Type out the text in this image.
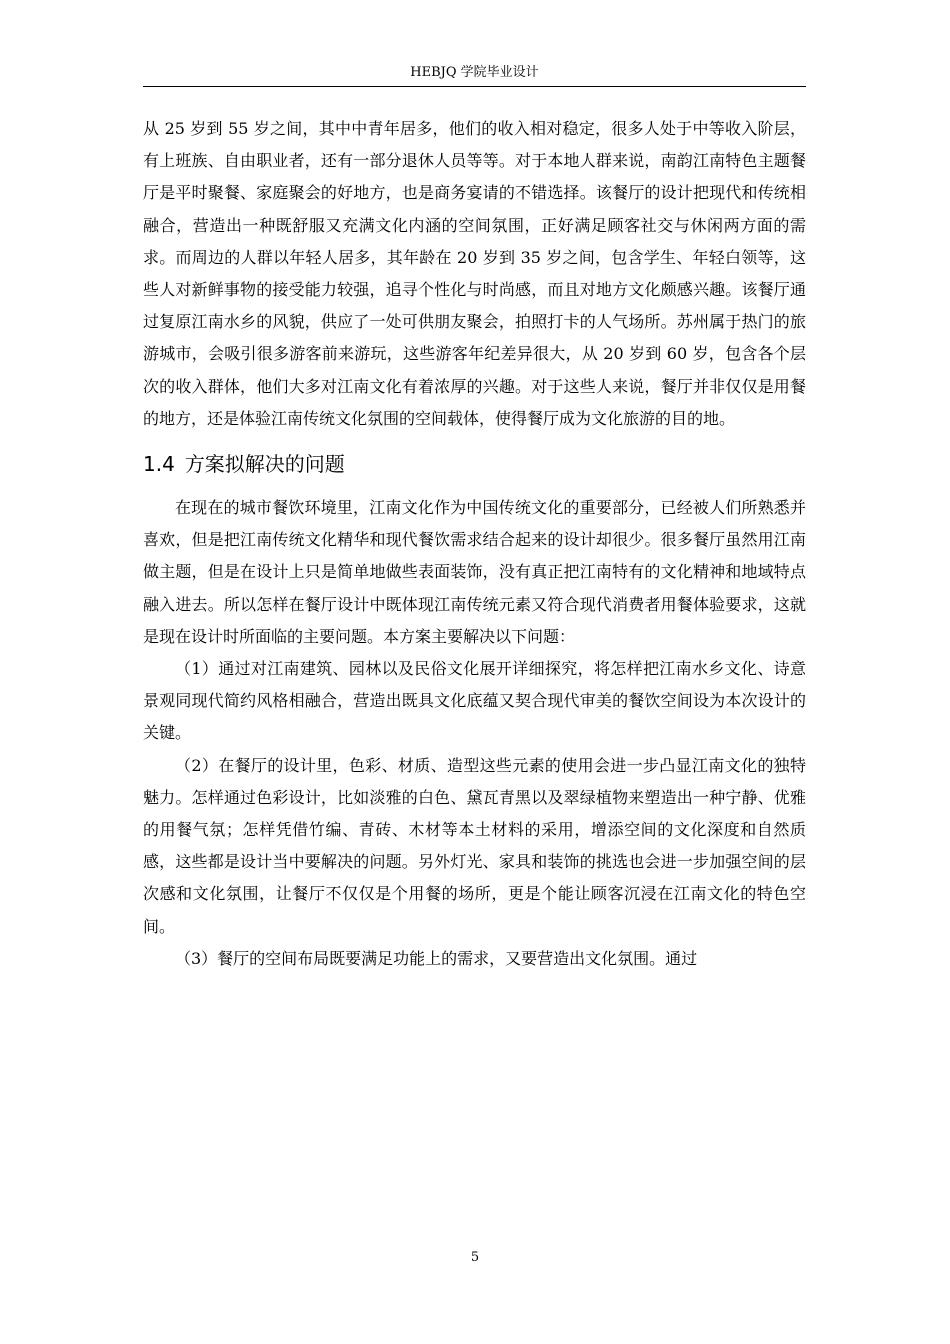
HEBJQ 学院毕业设计

从 25 岁到 55 岁之间，其中中青年居多，他们的收入相对稳定，很多人处于中等收入阶层，有上班族、自由职业者，还有一部分退休人员等等。对于本地人群来说，南韵江南特色主题餐厅是平时聚餐、家庭聚会的好地方，也是商务宴请的不错选择。该餐厅的设计把现代和传统相融合，营造出一种既舒服又充满文化内涵的空间氛围，正好满足顾客社交与休闲两方面的需求。而周边的人群以年轻人居多，其年龄在 20 岁到 35 岁之间，包含学生、年轻白领等，这些人对新鲜事物的接受能力较强，追寻个性化与时尚感，而且对地方文化颇感兴趣。该餐厅通过复原江南水乡的风貌，供应了一处可供朋友聚会，拍照打卡的人气场所。苏州属于热门的旅游城市，会吸引很多游客前来游玩，这些游客年纪差异很大，从 20 岁到 60 岁，包含各个层次的收入群体，他们大多对江南文化有着浓厚的兴趣。对于这些人来说，餐厅并非仅仅是用餐的地方，还是体验江南传统文化氛围的空间载体，使得餐厅成为文化旅游的目的地。

1.4 方案拟解决的问题

在现在的城市餐饮环境里，江南文化作为中国传统文化的重要部分，已经被人们所熟悉并喜欢，但是把江南传统文化精华和现代餐饮需求结合起来的设计却很少。很多餐厅虽然用江南做主题，但是在设计上只是简单地做些表面装饰，没有真正把江南特有的文化精神和地域特点融入进去。所以怎样在餐厅设计中既体现江南传统元素又符合现代消费者用餐体验要求，这就是现在设计时所面临的主要问题。本方案主要解决以下问题：

（1）通过对江南建筑、园林以及民俗文化展开详细探究，将怎样把江南水乡文化、诗意景观同现代简约风格相融合，营造出既具文化底蕴又契合现代审美的餐饮空间设为本次设计的关键。

（2）在餐厅的设计里，色彩、材质、造型这些元素的使用会进一步凸显江南文化的独特魅力。怎样通过色彩设计，比如淡雅的白色、黛瓦青黑以及翠绿植物来塑造出一种宁静、优雅的用餐气氛；怎样凭借竹编、青砖、木材等本土材料的采用，增添空间的文化深度和自然质感，这些都是设计当中要解决的问题。另外灯光、家具和装饰的挑选也会进一步加强空间的层次感和文化氛围，让餐厅不仅仅是个用餐的场所，更是个能让顾客沉浸在江南文化的特色空间。

（3）餐厅的空间布局既要满足功能上的需求，又要营造出文化氛围。通过

5
